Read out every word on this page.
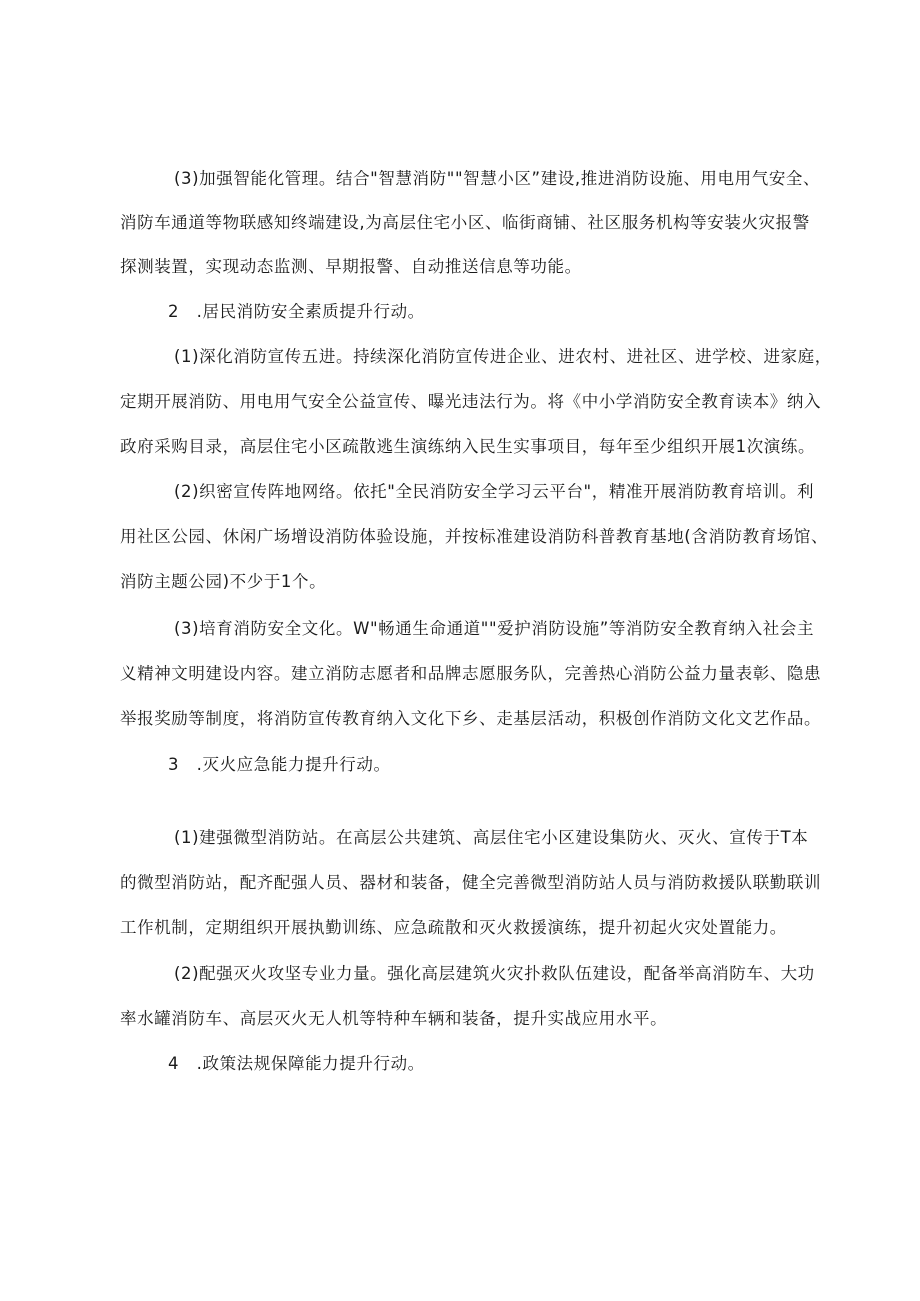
(3)加强智能化管理。结合"智慧消防""智慧小区”建设,推进消防设施、用电用气安全、
消防车通道等物联感知终端建设,为高层住宅小区、临街商铺、社区服务机构等安装火灾报警
探测装置，实现动态监测、早期报警、自动推送信息等功能。
2   .居民消防安全素质提升行动。
(1)深化消防宣传五进。持续深化消防宣传进企业、进农村、进社区、进学校、进家庭，
定期开展消防、用电用气安全公益宣传、曝光违法行为。将《中小学消防安全教育读本》纳入
政府采购目录，高层住宅小区疏散逃生演练纳入民生实事项目，每年至少组织开展1次演练。
(2)织密宣传阵地网络。依托"全民消防安全学习云平台"，精准开展消防教育培训。利
用社区公园、休闲广场增设消防体验设施，并按标准建设消防科普教育基地(含消防教育场馆、
消防主题公园)不少于1个。
(3)培育消防安全文化。W"畅通生命通道""爱护消防设施”等消防安全教育纳入社会主
义精神文明建设内容。建立消防志愿者和品牌志愿服务队，完善热心消防公益力量表彰、隐患
举报奖励等制度，将消防宣传教育纳入文化下乡、走基层活动，积极创作消防文化文艺作品。
3   .灭火应急能力提升行动。
(1)建强微型消防站。在高层公共建筑、高层住宅小区建设集防火、灭火、宣传于T本
的微型消防站，配齐配强人员、器材和装备，健全完善微型消防站人员与消防救援队联勤联训
工作机制，定期组织开展执勤训练、应急疏散和灭火救援演练，提升初起火灾处置能力。
(2)配强灭火攻坚专业力量。强化高层建筑火灾扑救队伍建设，配备举高消防车、大功
率水罐消防车、高层灭火无人机等特种车辆和装备，提升实战应用水平。
4   .政策法规保障能力提升行动。
